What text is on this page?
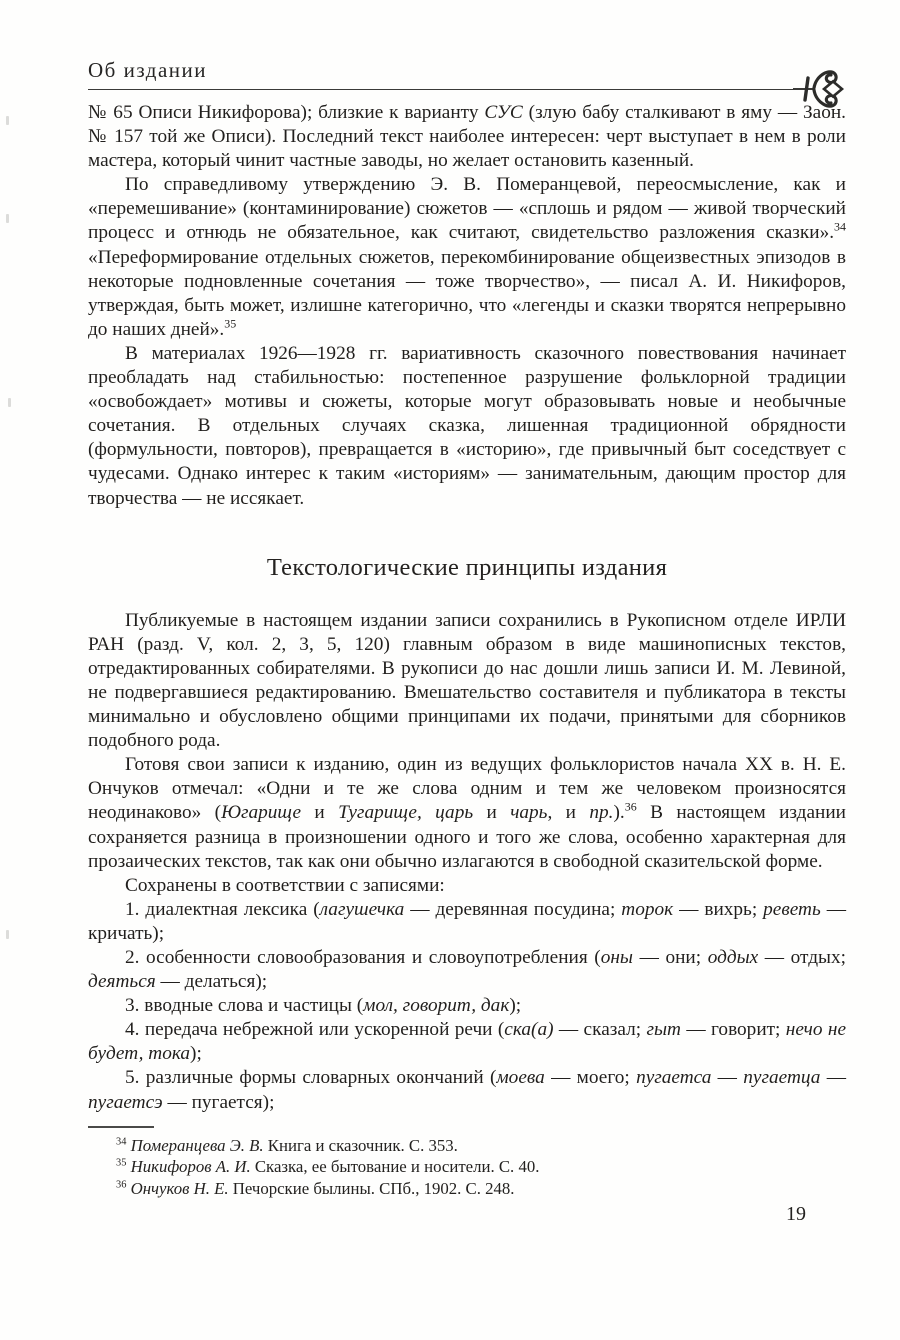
Об издании

№ 65 Описи Никифорова); близкие к варианту СУС (злую бабу сталкивают в яму — Заон. № 157 той же Описи). Последний текст наиболее интересен: черт выступает в нем в роли мастера, который чинит частные заводы, но желает остановить казенный.

По справедливому утверждению Э. В. Померанцевой, переосмысление, как и «перемешивание» (контаминирование) сюжетов — «сплошь и рядом — живой творческий процесс и отнюдь не обязательное, как считают, свидетельство разложения сказки».$^{34}$ «Переформирование отдельных сюжетов, перекомбинирование общеизвестных эпизодов в некоторые подновленные сочетания — тоже творчество», — писал А. И. Никифоров, утверждая, быть может, излишне категорично, что «легенды и сказки творятся непрерывно до наших дней».$^{35}$

В материалах 1926—1928 гг. вариативность сказочного повествования начинает преобладать над стабильностью: постепенное разрушение фольклорной традиции «освобождает» мотивы и сюжеты, которые могут образовывать новые и необычные сочетания. В отдельных случаях сказка, лишенная традиционной обрядности (формульности, повторов), превращается в «историю», где привычный быт соседствует с чудесами. Однако интерес к таким «историям» — занимательным, дающим простор для творчества — не иссякает.

Текстологические принципы издания

Публикуемые в настоящем издании записи сохранились в Рукописном отделе ИРЛИ РАН (разд. V, кол. 2, 3, 5, 120) главным образом в виде машинописных текстов, отредактированных собирателями. В рукописи до нас дошли лишь записи И. М. Левиной, не подвергавшиеся редактированию. Вмешательство составителя и публикатора в тексты минимально и обусловлено общими принципами их подачи, принятыми для сборников подобного рода.

Готовя свои записи к изданию, один из ведущих фольклористов начала XX в. Н. Е. Ончуков отмечал: «Одни и те же слова одним и тем же человеком произносятся неодинаково» (Югарище и Тугарище, царь и чарь, и пр.).$^{36}$ В настоящем издании сохраняется разница в произношении одного и того же слова, особенно характерная для прозаических текстов, так как они обычно излагаются в свободной сказительской форме.

Сохранены в соответствии с записями:

1. диалектная лексика (лагушечка — деревянная посудина; торок — вихрь; реветь — кричать);

2. особенности словообразования и словоупотребления (оны — они; оддых — отдых; деяться — делаться);

3. вводные слова и частицы (мол, говорит, дак);

4. передача небрежной или ускоренной речи (ска(а) — сказал; гыт — говорит; нечо не будет, тока);

5. различные формы словарных окончаний (моева — моего; пугаетса — пугаетца — пугаетсэ — пугается);

$^{34}$ Померанцева Э. В. Книга и сказочник. С. 353.

$^{35}$ Никифоров А. И. Сказка, ее бытование и носители. С. 40.

$^{36}$ Ончуков Н. Е. Печорские былины. СПб., 1902. С. 248.

19
